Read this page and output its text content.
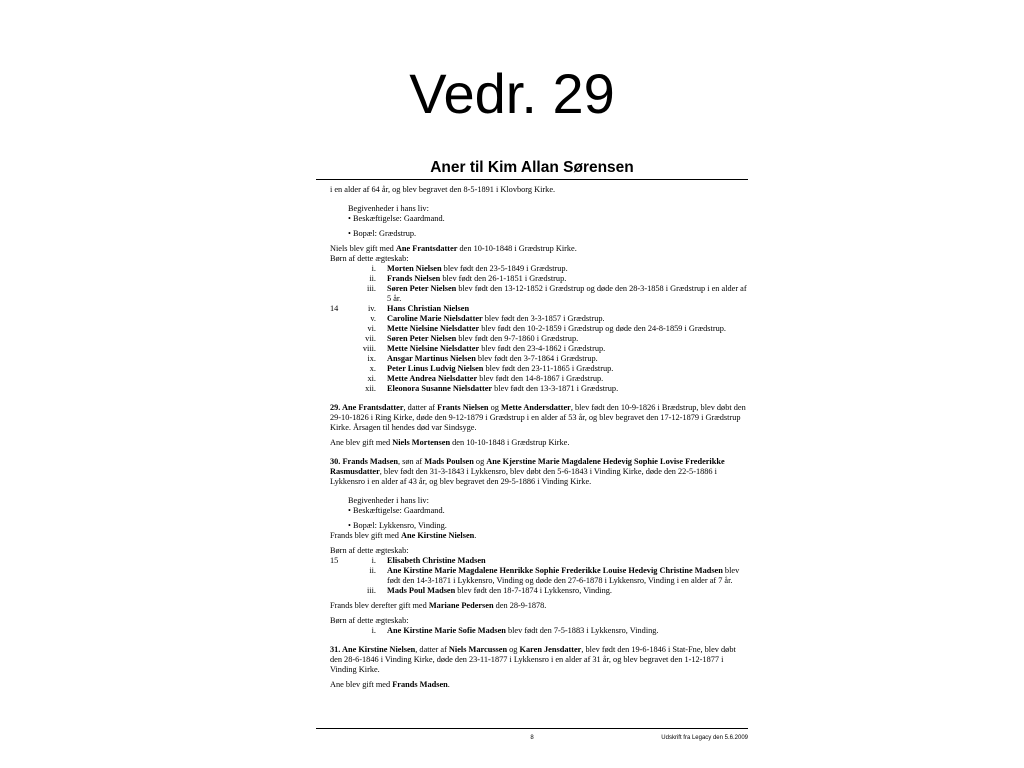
Vedr. 29
Aner til Kim Allan Sørensen

i en alder af 64 år, og blev begravet den 8-5-1891 i Klovborg Kirke.

Begivenheder i hans liv:

• Beskæftigelse: Gaardmand.

• Bopæl: Grædstrup.

Niels blev gift med Ane Frantsdatter den 10-10-1848 i Grædstrup Kirke.

Børn af dette ægteskab:

i.	Morten Nielsen blev født den 23-5-1849 i Grædstrup.
ii.	Frands Nielsen blev født den 26-1-1851 i Grædstrup.
iii.	Søren Peter Nielsen blev født den 13-12-1852 i Grædstrup og døde den 28-3-1858 i Grædstrup i en alder af 5 år.
14	iv.	Hans Christian Nielsen
v.	Caroline Marie Nielsdatter blev født den 3-3-1857 i Grædstrup.
vi.	Mette Nielsine Nielsdatter blev født den 10-2-1859 i Grædstrup og døde den 24-8-1859 i Grædstrup.
vii.	Søren Peter Nielsen blev født den 9-7-1860 i Grædstrup.
viii.	Mette Nielsine Nielsdatter blev født den 23-4-1862 i Grædstrup.
ix.	Ansgar Martinus Nielsen blev født den 3-7-1864 i Grædstrup.
x.	Peter Linus Ludvig Nielsen blev født den 23-11-1865 i Grædstrup.
xi.	Mette Andrea Nielsdatter blev født den 14-8-1867 i Grædstrup.
xii.	Eleonora Susanne Nielsdatter blev født den 13-3-1871 i Grædstrup.

29. Ane Frantsdatter, datter af Frants Nielsen og Mette Andersdatter, blev født den 10-9-1826 i Brædstrup, blev døbt den 29-10-1826 i Ring Kirke, døde den 9-12-1879 i Grædstrup i en alder af 53 år, og blev begravet den 17-12-1879 i Grædstrup Kirke. Årsagen til hendes død var Sindsyge.

Ane blev gift med Niels Mortensen den 10-10-1848 i Grædstrup Kirke.

30. Frands Madsen, søn af Mads Poulsen og Ane Kjerstine Marie Magdalene Hedevig Sophie Lovise Frederikke Rasmusdatter, blev født den 31-3-1843 i Lykkensro, blev døbt den 5-6-1843 i Vinding Kirke, døde den 22-5-1886 i Lykkensro i en alder af 43 år, og blev begravet den 29-5-1886 i Vinding Kirke.

Begivenheder i hans liv:

• Beskæftigelse: Gaardmand.

• Bopæl: Lykkensro, Vinding.

Frands blev gift med Ane Kirstine Nielsen.

Børn af dette ægteskab:

15	i.	Elisabeth Christine Madsen
ii.	Ane Kirstine Marie Magdalene Henrikke Sophie Frederikke Louise Hedevig Christine Madsen blev født den 14-3-1871 i Lykkensro, Vinding og døde den 27-6-1878 i Lykkensro, Vinding i en alder af 7 år.
iii.	Mads Poul Madsen blev født den 18-7-1874 i Lykkensro, Vinding.

Frands blev derefter gift med Mariane Pedersen den 28-9-1878.

Børn af dette ægteskab:

i.	Ane Kirstine Marie Sofie Madsen blev født den 7-5-1883 i Lykkensro, Vinding.

31. Ane Kirstine Nielsen, datter af Niels Marcussen og Karen Jensdatter, blev født den 19-6-1846 i Stat-Fne, blev døbt den 28-6-1846 i Vinding Kirke, døde den 23-11-1877 i Lykkensro i en alder af 31 år, og blev begravet den 1-12-1877 i Vinding Kirke.

Ane blev gift med Frands Madsen.

8	Udskrift fra Legacy den 5.6.2009
